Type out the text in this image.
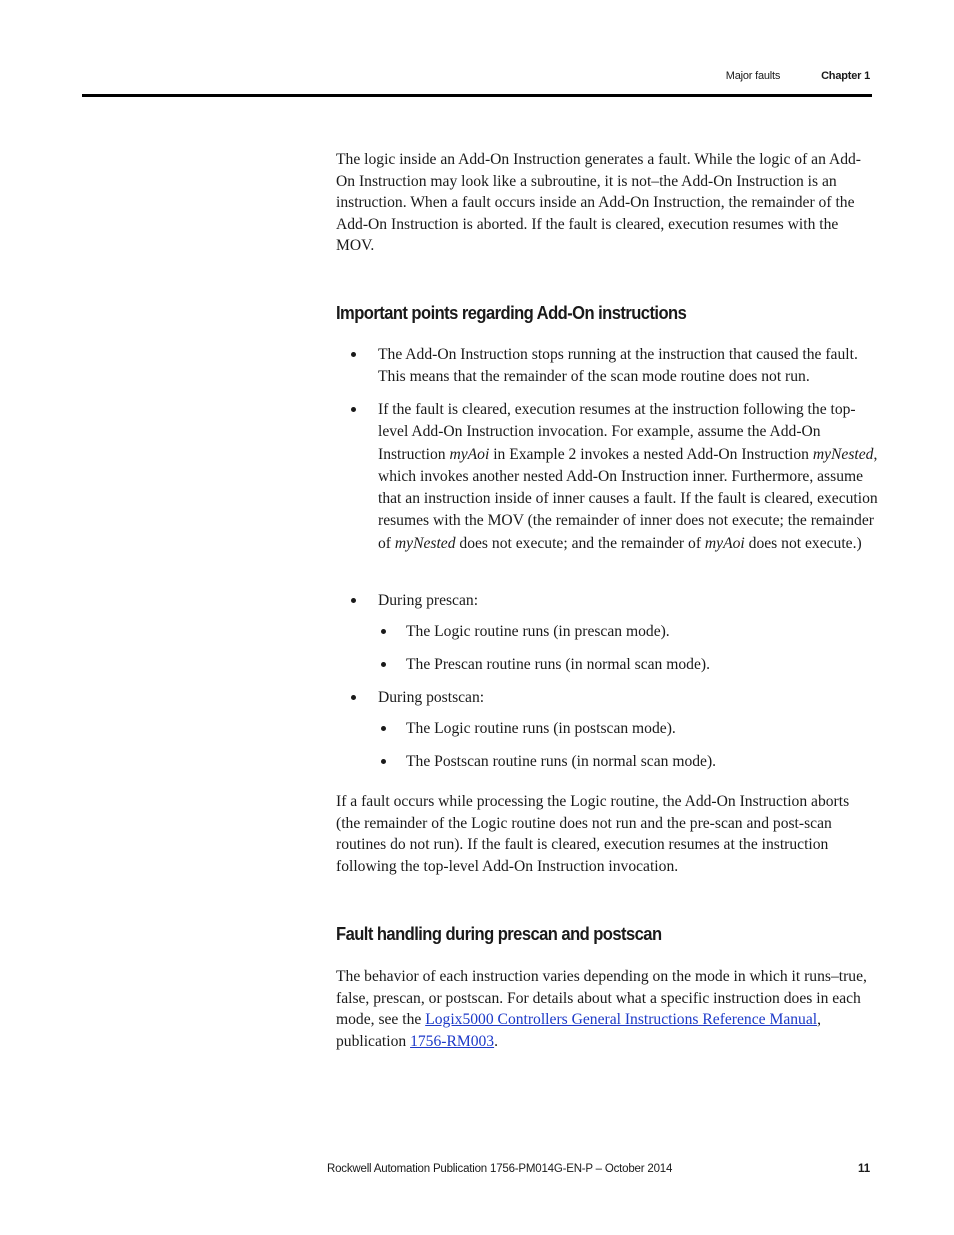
Major faults	Chapter 1

The logic inside an Add-On Instruction generates a fault. While the logic of an Add-On Instruction may look like a subroutine, it is not–the Add-On Instruction is an instruction. When a fault occurs inside an Add-On Instruction, the remainder of the Add-On Instruction is aborted. If the fault is cleared, execution resumes with the MOV.

Important points regarding Add-On instructions
The Add-On Instruction stops running at the instruction that caused the fault. This means that the remainder of the scan mode routine does not run.
If the fault is cleared, execution resumes at the instruction following the top-level Add-On Instruction invocation. For example, assume the Add-On Instruction myAoi in Example 2 invokes a nested Add-On Instruction myNested, which invokes another nested Add-On Instruction inner. Furthermore, assume that an instruction inside of inner causes a fault. If the fault is cleared, execution resumes with the MOV (the remainder of inner does not execute; the remainder of myNested does not execute; and the remainder of myAoi does not execute.)
During prescan:
The Logic routine runs (in prescan mode).
The Prescan routine runs (in normal scan mode).
During postscan:
The Logic routine runs (in postscan mode).
The Postscan routine runs (in normal scan mode).

If a fault occurs while processing the Logic routine, the Add-On Instruction aborts (the remainder of the Logic routine does not run and the pre-scan and post-scan routines do not run). If the fault is cleared, execution resumes at the instruction following the top-level Add-On Instruction invocation.

Fault handling during prescan and postscan

The behavior of each instruction varies depending on the mode in which it runs–true, false, prescan, or postscan. For details about what a specific instruction does in each mode, see the Logix5000 Controllers General Instructions Reference Manual, publication 1756-RM003.

Rockwell Automation Publication 1756-PM014G-EN-P – October 2014	11
